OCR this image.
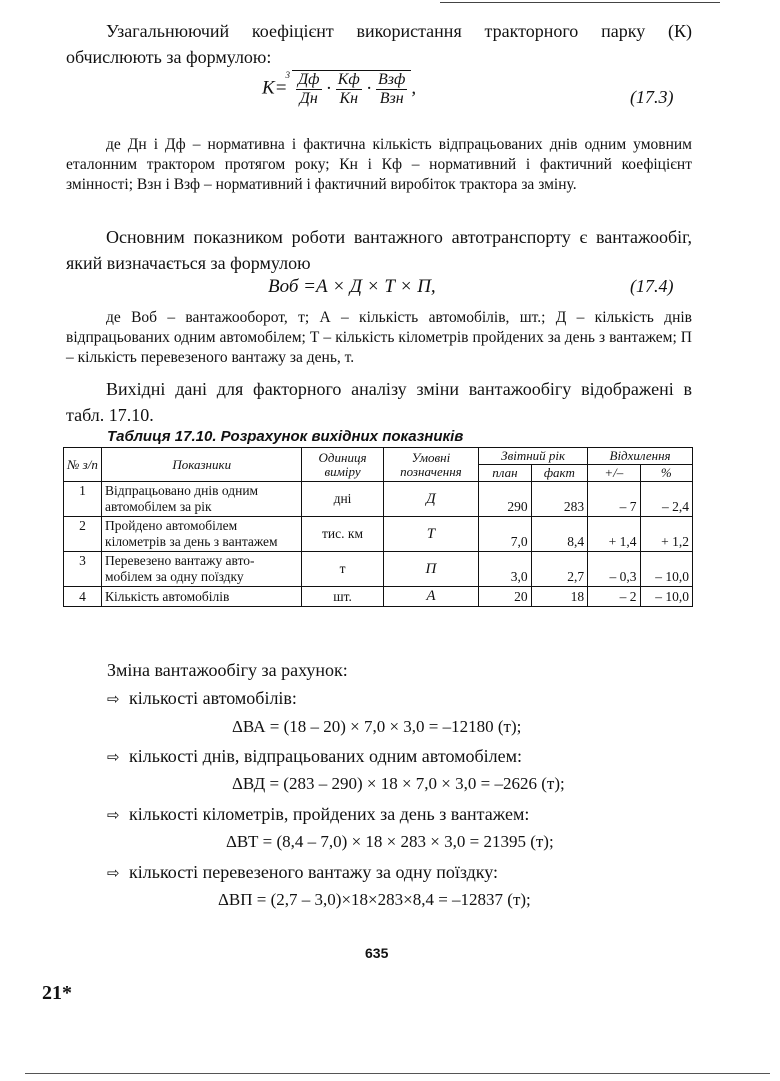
Узагальнюючий коефіцієнт використання тракторного парку (К) обчислюють за формулою:

$К=^3 \frac{Дф}{Дн} \cdot \frac{Кф}{Кн} \cdot \frac{\text{Взф}}{\text{Взн}}$ ,	(17.3)

де Дн і Дф – нормативна і фактична кількість відпрацьованих днів одним умовним еталонним трактором протягом року; Кн і Кф – нормативний і фактичний коефіцієнт змінності; Взн і Взф – нормативний і фактичний виробіток трактора за зміну.

Основним показником роботи вантажного автотранспорту є вантажообіг, який визначається за формулою

Воб =А × Д × Т × П,	(17.4)

де Воб – вантажооборот, т; А – кількість автомобілів, шт.; Д – кількість днів відпрацьованих одним автомобілем; Т – кількість кілометрів пройдених за день з вантажем; П – кількість перевезеного вантажу за день, т.

Вихідні дані для факторного аналізу зміни вантажообігу відображені в табл. 17.10.

Таблиця 17.10. Розрахунок вихідних показників
№ з/п	Показники	Одиниця виміру	Умовні позначення	Звітний рік		Відхилення	
				план	факт	+/–	%
1	Відпрацьовано днів одним автомобілем за рік	дні	Д	290	283	– 7	– 2,4
2	Пройдено автомобілем кілометрів за день з вантажем	тис. км	Т	7,0	8,4	+ 1,4	+ 1,2
3	Перевезено вантажу авто-мобілем за одну поїздку	т	П	3,0	2,7	– 0,3	– 10,0
4	Кількість автомобілів	шт.	А	20	18	– 2	– 10,0
Зміна вантажообігу за рахунок:
⇨ кількості автомобілів:
ΔВА = (18 – 20) × 7,0 × 3,0 = –12180 (т);
⇨ кількості днів, відпрацьованих одним автомобілем:
ΔВД = (283 – 290) × 18 × 7,0 × 3,0 = –2626 (т);
⇨ кількості кілометрів, пройдених за день з вантажем:
ΔВТ = (8,4 – 7,0) × 18 × 283 × 3,0 = 21395 (т);
⇨ кількості перевезеного вантажу за одну поїздку:
ΔВП = (2,7 – 3,0)×18×283×8,4 = –12837 (т);
635
21*
